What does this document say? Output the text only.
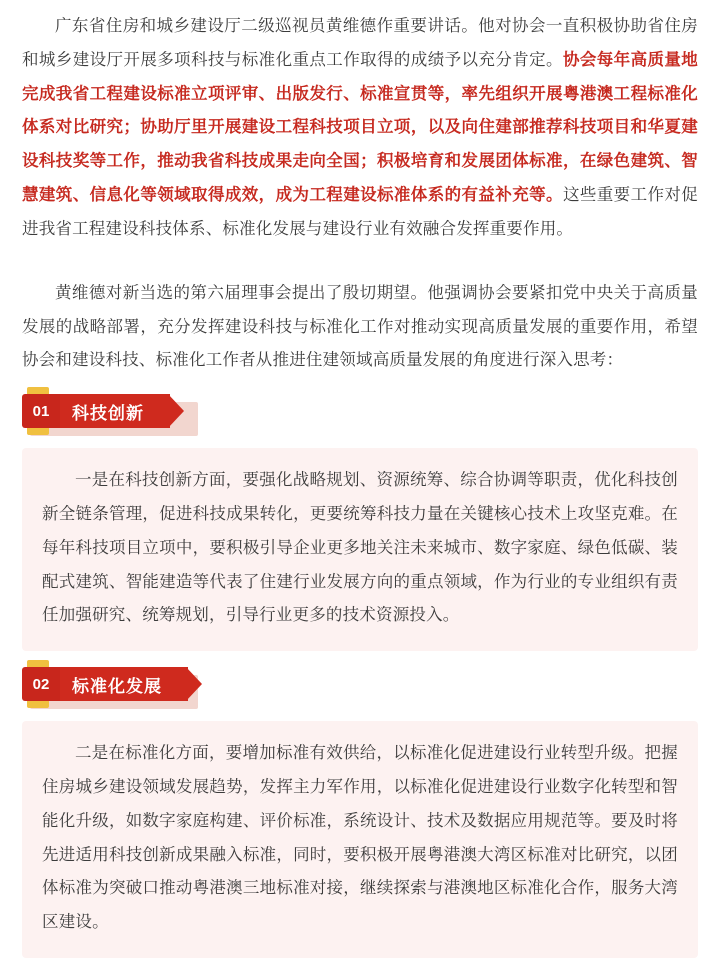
广东省住房和城乡建设厅二级巡视员黄维德作重要讲话。他对协会一直积极协助省住房和城乡建设厅开展多项科技与标准化重点工作取得的成绩予以充分肯定。协会每年高质量地完成我省工程建设标准立项评审、出版发行、标准宣贯等，率先组织开展粤港澳工程标准化体系对比研究；协助厅里开展建设工程科技项目立项，以及向住建部推荐科技项目和华夏建设科技奖等工作，推动我省科技成果走向全国；积极培育和发展团体标准，在绿色建筑、智慧建筑、信息化等领域取得成效，成为工程建设标准体系的有益补充等。这些重要工作对促进我省工程建设科技体系、标准化发展与建设行业有效融合发挥重要作用。

黄维德对新当选的第六届理事会提出了殷切期望。他强调协会要紧扣党中央关于高质量发展的战略部署，充分发挥建设科技与标准化工作对推动实现高质量发展的重要作用，希望协会和建设科技、标准化工作者从推进住建领域高质量发展的角度进行深入思考：

01	科技创新

一是在科技创新方面，要强化战略规划、资源统筹、综合协调等职责，优化科技创新全链条管理，促进科技成果转化，更要统筹科技力量在关键核心技术上攻坚克难。在每年科技项目立项中，要积极引导企业更多地关注未来城市、数字家庭、绿色低碳、装配式建筑、智能建造等代表了住建行业发展方向的重点领域，作为行业的专业组织有责任加强研究、统筹规划，引导行业更多的技术资源投入。

02	标准化发展

二是在标准化方面，要增加标准有效供给，以标准化促进建设行业转型升级。把握住房城乡建设领域发展趋势，发挥主力军作用，以标准化促进建设行业数字化转型和智能化升级，如数字家庭构建、评价标准，系统设计、技术及数据应用规范等。要及时将先进适用科技创新成果融入标准，同时，要积极开展粤港澳大湾区标准对比研究，以团体标准为突破口推动粤港澳三地标准对接，继续探索与港澳地区标准化合作，服务大湾区建设。
